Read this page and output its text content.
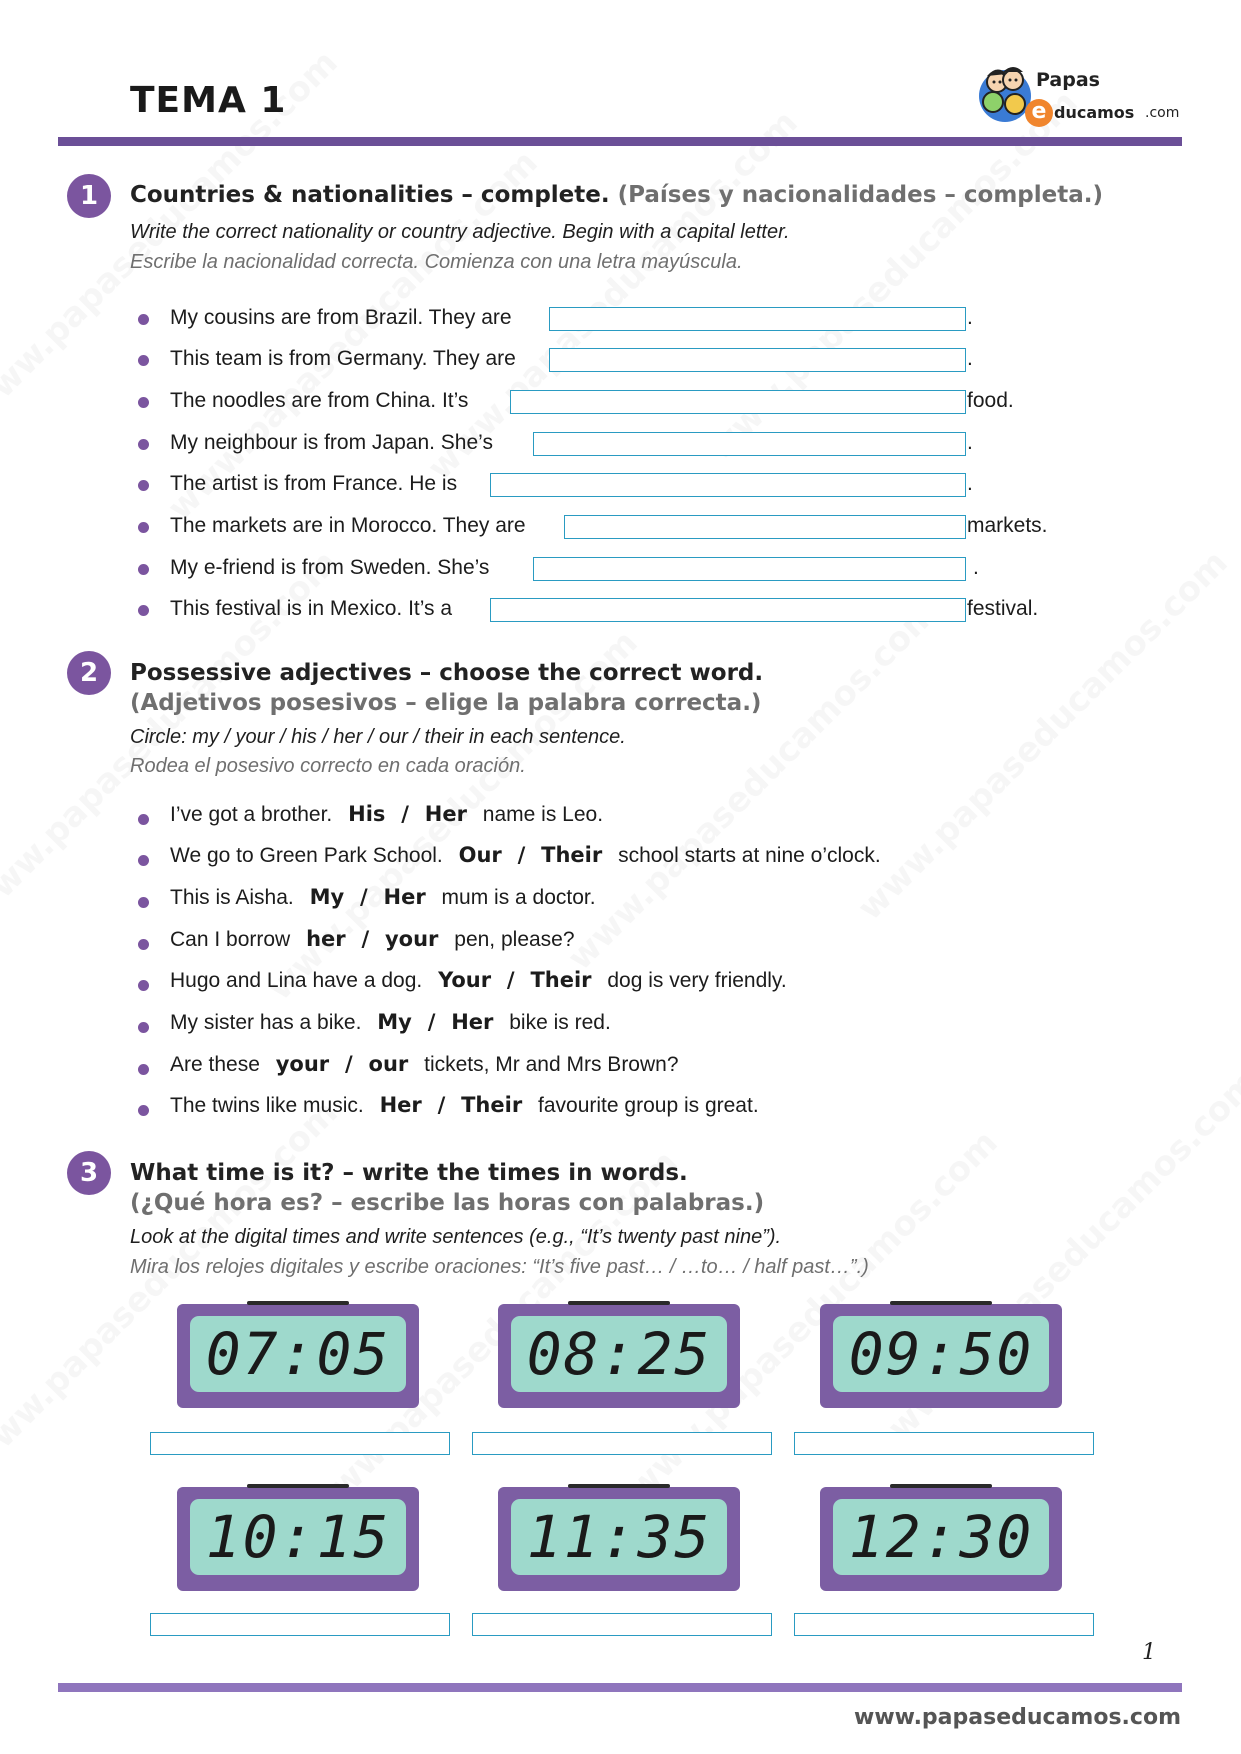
TEMA 1	Papas
e ducamos .com
1	Countries & nationalities – complete. (Países y nacionalidades – completa.)
Write the correct nationality or country adjective. Begin with a capital letter.
Escribe la nacionalidad correcta. Comienza con una letra mayúscula.
My cousins are from Brazil. They are	.
This team is from Germany. They are	.
The noodles are from China. It’s	food.
My neighbour is from Japan. She’s	.
The artist is from France. He is	.
The markets are in Morocco. They are	markets.
My e-friend is from Sweden. She’s	.
This festival is in Mexico. It’s a	festival.
2	Possessive adjectives – choose the correct word.
(Adjetivos posesivos – elige la palabra correcta.)
Circle: my / your / his / her / our / their in each sentence.
Rodea el posesivo correcto en cada oración.
I’ve got a brother. His / Her name is Leo.
We go to Green Park School. Our / Their school starts at nine o’clock.
This is Aisha. My / Her mum is a doctor.
Can I borrow her / your pen, please?
Hugo and Lina have a dog. Your / Their dog is very friendly.
My sister has a bike. My / Her bike is red.
Are these your / our tickets, Mr and Mrs Brown?
The twins like music. Her / Their favourite group is great.
3	What time is it? – write the times in words.
(¿Qué hora es? – escribe las horas con palabras.)
Look at the digital times and write sentences (e.g., “It’s twenty past nine”).
Mira los relojes digitales y escribe oraciones: “It’s five past… / …to… / half past…”.)
07:05 08:25 09:50
10:15 11:35 12:30
1
www.papaseducamos.com
